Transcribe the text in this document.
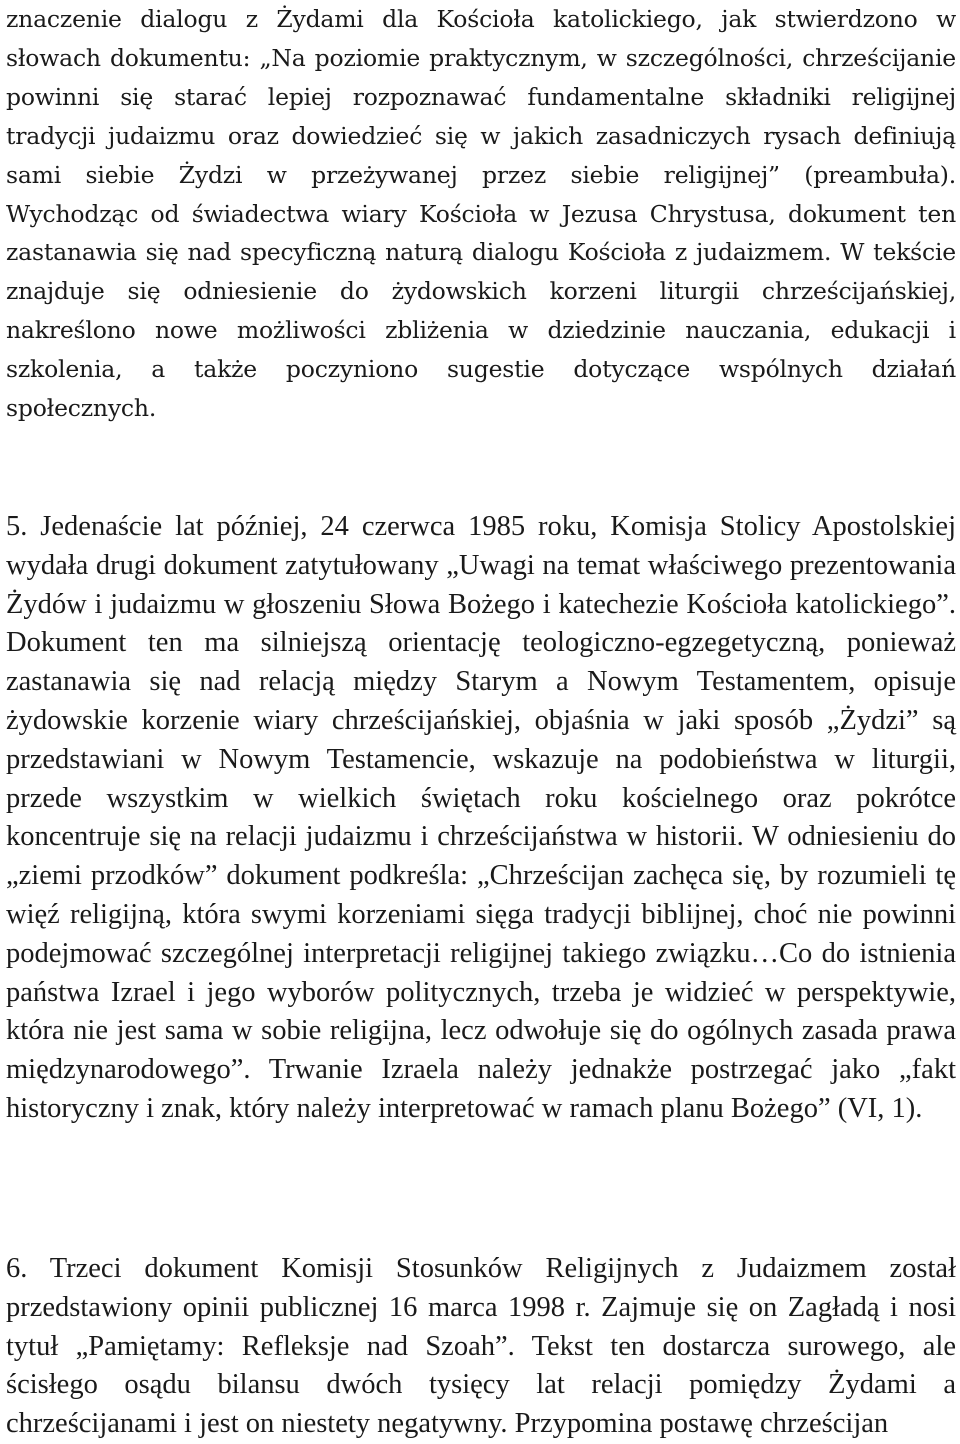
znaczenie dialogu z Żydami dla Kościoła katolickiego, jak stwierdzono w słowach dokumentu: „Na poziomie praktycznym, w szczególności, chrześcijanie powinni się starać lepiej rozpoznawać fundamentalne składniki religijnej tradycji judaizmu oraz dowiedzieć się w jakich zasadniczych rysach definiują sami siebie Żydzi w przeżywanej przez siebie religijnej” (preambuła). Wychodząc od świadectwa wiary Kościoła w Jezusa Chrystusa, dokument ten zastanawia się nad specyficzną naturą dialogu Kościoła z judaizmem. W tekście znajduje się odniesienie do żydowskich korzeni liturgii chrześcijańskiej, nakreślono nowe możliwości zbliżenia w dziedzinie nauczania, edukacji i szkolenia, a także poczyniono sugestie dotyczące wspólnych działań społecznych.

5. Jedenaście lat później, 24 czerwca 1985 roku, Komisja Stolicy Apostolskiej wydała drugi dokument zatytułowany „Uwagi na temat właściwego prezentowania Żydów i judaizmu w głoszeniu Słowa Bożego i katechezie Kościoła katolickiego”. Dokument ten ma silniejszą orientację teologiczno-egzegetyczną, ponieważ zastanawia się nad relacją między Starym a Nowym Testamentem, opisuje żydowskie korzenie wiary chrześcijańskiej, objaśnia w jaki sposób „Żydzi” są przedstawiani w Nowym Testamencie, wskazuje na podobieństwa w liturgii, przede wszystkim w wielkich świętach roku kościelnego oraz pokrótce koncentruje się na relacji judaizmu i chrześcijaństwa w historii. W odniesieniu do „ziemi przodków” dokument podkreśla: „Chrześcijan zachęca się, by rozumieli tę więź religijną, która swymi korzeniami sięga tradycji biblijnej, choć nie powinni podejmować szczególnej interpretacji religijnej takiego związku…Co do istnienia państwa Izrael i jego wyborów politycznych, trzeba je widzieć w perspektywie, która nie jest sama w sobie religijna, lecz odwołuje się do ogólnych zasada prawa międzynarodowego”. Trwanie Izraela należy jednakże postrzegać jako „fakt historyczny i znak, który należy interpretować w ramach planu Bożego” (VI, 1).

6. Trzeci dokument Komisji Stosunków Religijnych z Judaizmem został przedstawiony opinii publicznej 16 marca 1998 r. Zajmuje się on Zagładą i nosi tytuł „Pamiętamy: Refleksje nad Szoah”. Tekst ten dostarcza surowego, ale ścisłego osądu bilansu dwóch tysięcy lat relacji pomiędzy Żydami a chrześcijanami i jest on niestety negatywny. Przypomina postawę chrześcijan
